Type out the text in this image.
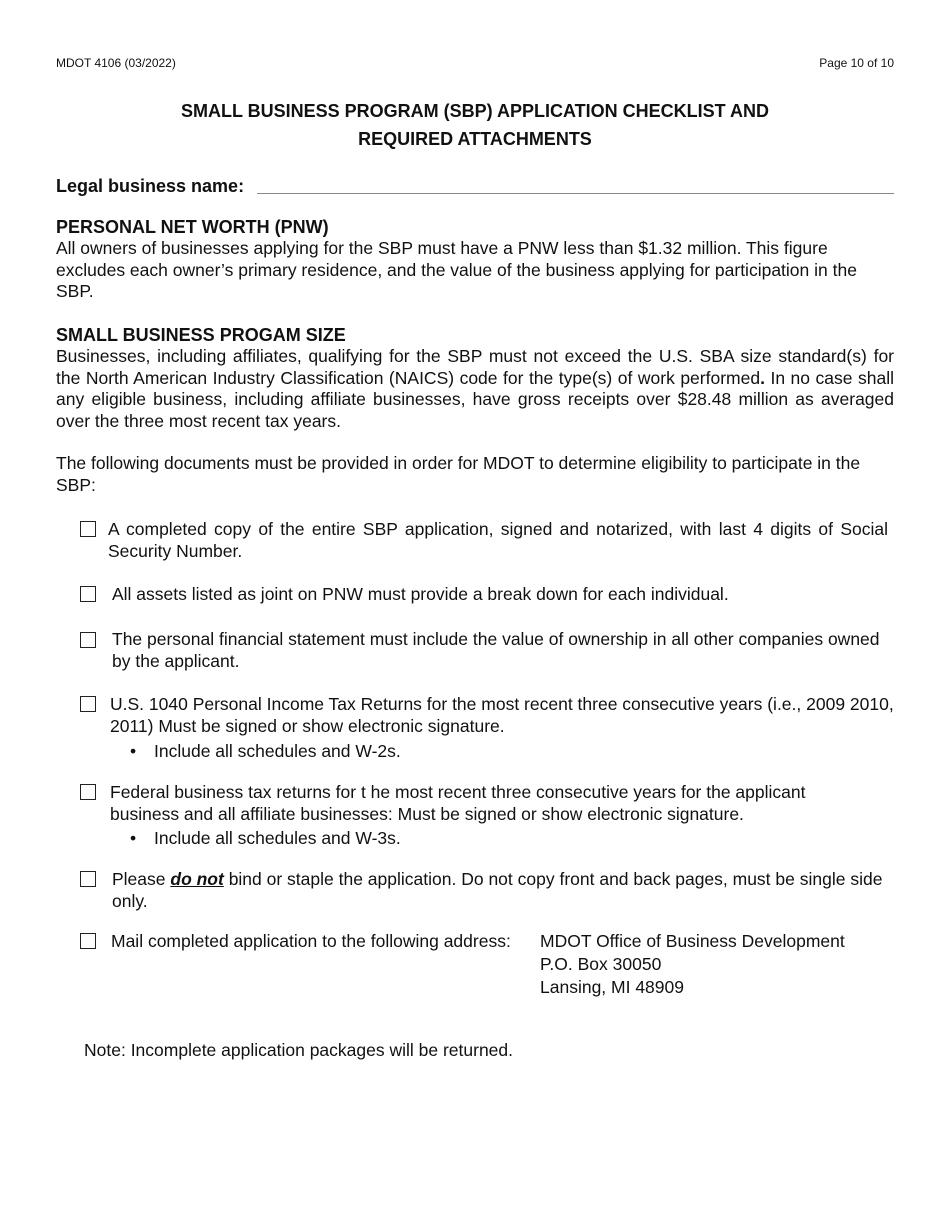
MDOT 4106 (03/2022)	Page 10 of 10
SMALL BUSINESS PROGRAM (SBP) APPLICATION CHECKLIST AND
REQUIRED ATTACHMENTS
Legal business name:
PERSONAL NET WORTH (PNW)
All owners of businesses applying for the SBP must have a PNW less than $1.32 million. This figure excludes each owner’s primary residence, and the value of the business applying for participation in the SBP.
SMALL BUSINESS PROGAM SIZE
Businesses, including affiliates, qualifying for the SBP must not exceed the U.S. SBA size standard(s) for the North American Industry Classification (NAICS) code for the type(s) of work performed. In no case shall any eligible business, including affiliate businesses, have gross receipts over $28.48 million as averaged over the three most recent tax years.
The following documents must be provided in order for MDOT to determine eligibility to participate in the SBP:
A completed copy of the entire SBP application, signed and notarized, with last 4 digits of Social Security Number.
All assets listed as joint on PNW must provide a break down for each individual.
The personal financial statement must include the value of ownership in all other companies owned by the applicant.
U.S. 1040 Personal Income Tax Returns for the most recent three consecutive years (i.e., 2009 2010, 2011) Must be signed or show electronic signature.
• Include all schedules and W-2s.
Federal business tax returns for t he most recent three consecutive years for the applicant business and all affiliate businesses: Must be signed or show electronic signature.
• Include all schedules and W-3s.
Please do not bind or staple the application. Do not copy front and back pages, must be single side only.
Mail completed application to the following address:	MDOT Office of Business Development
P.O. Box 30050
Lansing, MI 48909
Note: Incomplete application packages will be returned.
